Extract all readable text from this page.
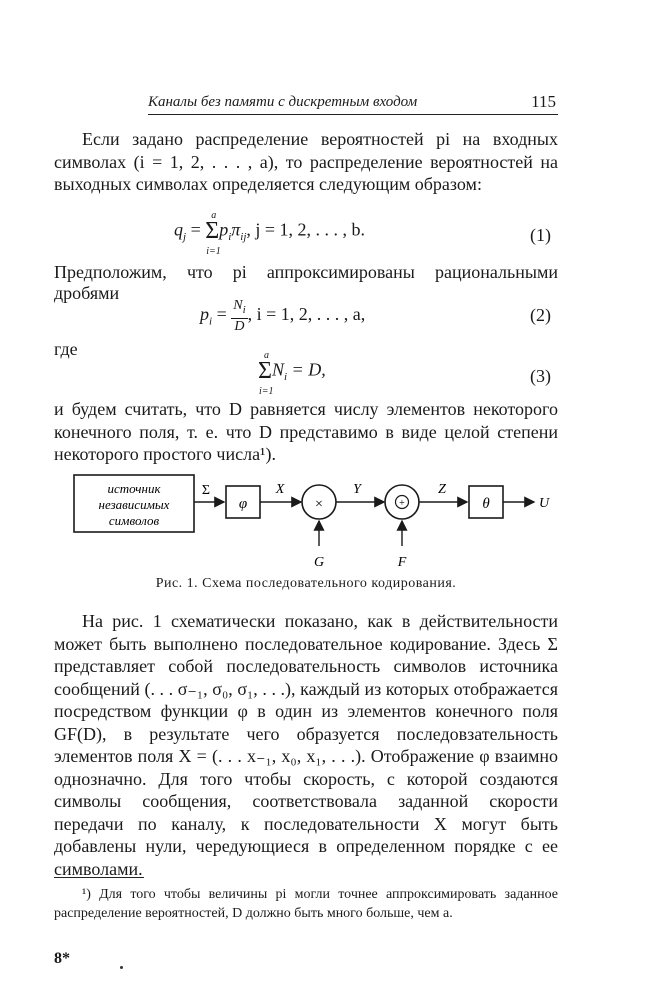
Каналы без памяти с дискретным входом	115
Если задано распределение вероятностей pi на входных символах (i = 1, 2, . . . , a), то распределение вероятностей на выходных символах определяется следующим образом:
$q_j = \Sigma$
a
i=1
$p_i\pi_{ij}$, j = 1, 2, . . . , b.	(1)
Предположим, что pi аппроксимированы рациональными дробями
$p_i = \frac{N_i}{D}$ , i = 1, 2, . . . , a,	(2)
где
Σ
a
i=1
$N_i = D$,	(3)
и будем считать, что D равняется числу элементов некоторого конечного поля, т. е. что D представимо в виде целой степени некоторого простого числа¹).
источник
независимых
символов
Σ
φ
X
×
G
Y
+
F
Z
θ	U
Рис. 1. Схема последовательного кодирования.
На рис. 1 схематически показано, как в действительности может быть выполнено последовательное кодирование. Здесь Σ представляет собой последовательность символов источника сообщений (. . . σ₋₁, σ₀, σ₁, . . .), каждый из которых отображается посредством функции φ в один из элементов конечного поля GF(D), в результате чего образуется последовзательность элементов поля X = (. . . x₋₁, x₀, x₁, . . .). Отображение φ взаимно однозначно. Для того чтобы скорость, с которой создаются символы сообщения, соответствовала заданной скорости передачи по каналу, к последовательности X могут быть добавлены нули, чередующиеся в определенном порядке с ее символами.
¹) Для того чтобы величины pi могли точнее аппроксимировать заданное распределение вероятностей, D должно быть много больше, чем a.
8*
